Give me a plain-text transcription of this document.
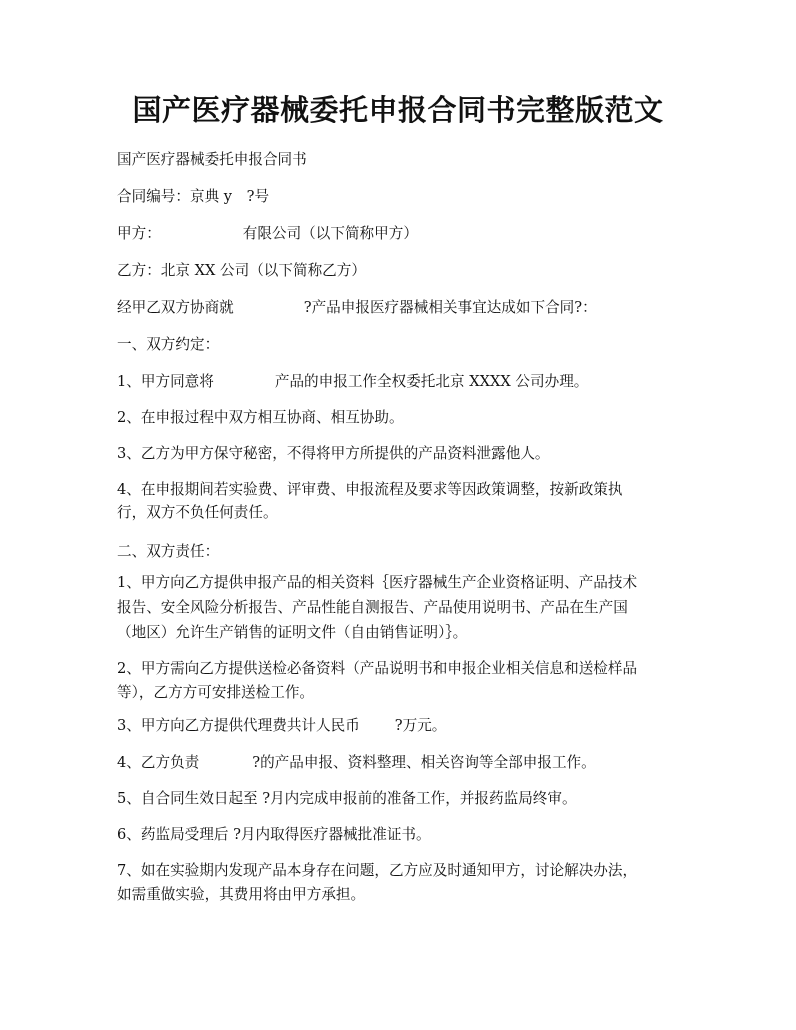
国产医疗器械委托申报合同书完整版范文
国产医疗器械委托申报合同书
合同编号：京典 y　?号
甲方：	有限公司（以下简称甲方）
乙方：北京 XX 公司（以下简称乙方）
经甲乙双方协商就	?产品申报医疗器械相关事宜达成如下合同?：
一、双方约定：
1、甲方同意将	产品的申报工作全权委托北京 XXXX 公司办理。
2、在申报过程中双方相互协商、相互协助。
3、乙方为甲方保守秘密，不得将甲方所提供的产品资料泄露他人。
4、在申报期间若实验费、评审费、申报流程及要求等因政策调整，按新政策执
行，双方不负任何责任。
二、双方责任：
1、甲方向乙方提供申报产品的相关资料｛医疗器械生产企业资格证明、产品技术
报告、安全风险分析报告、产品性能自测报告、产品使用说明书、产品在生产国
（地区）允许生产销售的证明文件（自由销售证明）｝。
2、甲方需向乙方提供送检必备资料（产品说明书和申报企业相关信息和送检样品
等），乙方方可安排送检工作。
3、甲方向乙方提供代理费共计人民币 ?万元。
4、乙方负责	?的产品申报、资料整理、相关咨询等全部申报工作。
5、自合同生效日起至 ?月内完成申报前的准备工作，并报药监局终审。
6、药监局受理后 ?月内取得医疗器械批准证书。
7、如在实验期内发现产品本身存在问题，乙方应及时通知甲方，讨论解决办法，
如需重做实验，其费用将由甲方承担。
